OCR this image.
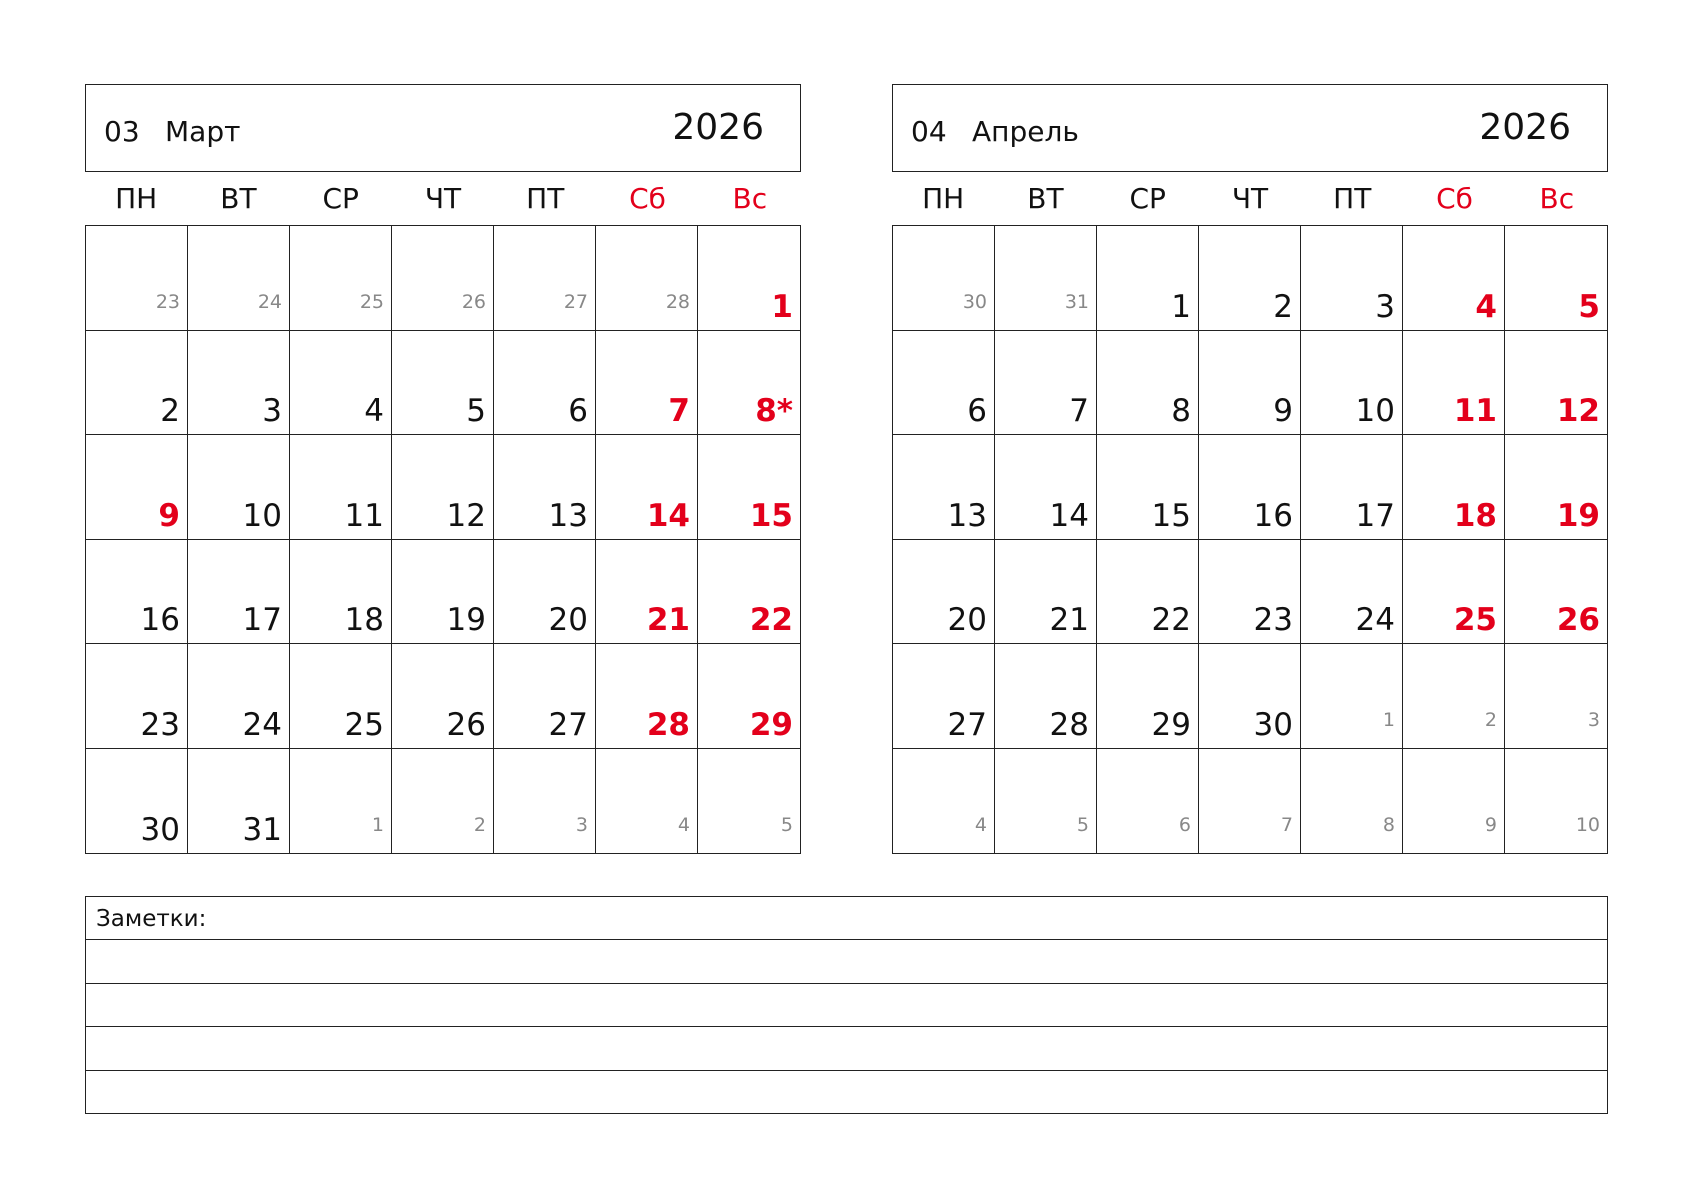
03 Март	2026
ПН	ВТ	СР	ЧТ	ПТ	Сб	Вс
23	24	25	26	27	28	1
2	3	4	5	6	7 8*
9 10 11 12 13 14 15
16 17 18 19 20 21 22
23 24 25 26 27 28 29
30 31	1	2	3	4	5
04 Апрель	2026
ПН	ВТ	СР	ЧТ	ПТ	Сб	Вс
30	31	1	2	3	4	5
6	7	8	9 10 11 12
13 14 15 16 17 18 19
20 21 22 23 24 25 26
27 28 29 30	1	2	3
4	5	6	7	8	9	10
Заметки:
